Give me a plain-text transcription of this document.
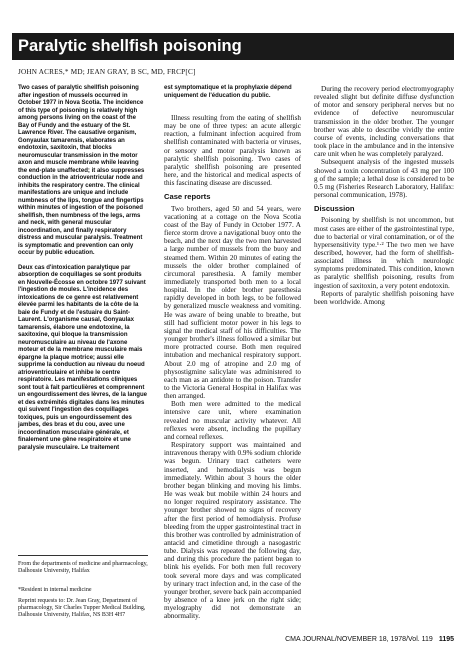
Paralytic shellfish poisoning
JOHN ACRES,* MD; JEAN GRAY, B SC, MD, FRCP[C]

Two cases of paralytic shellfish poisoning after ingestion of mussels occurred in October 1977 in Nova Scotia. The incidence of this type of poisoning is relatively high among persons living on the coast of the Bay of Fundy and the estuary of the St. Lawrence River. The causative organism, Gonyaulax tamarensis, elaborates an endotoxin, saxitoxin, that blocks neuromuscular transmission in the motor axon and muscle membrane while leaving the end-plate unaffected; it also suppresses conduction in the atrioventricular node and inhibits the respiratory centre. The clinical manifestations are unique and include numbness of the lips, tongue and fingertips within minutes of ingestion of the poisoned shellfish, then numbness of the legs, arms and neck, with general muscular incoordination, and finally respiratory distress and muscular paralysis. Treatment is symptomatic and prevention can only occur by public education.

Deux cas d'intoxication paralytique par absorption de coquillages se sont produits en Nouvelle-Écosse en octobre 1977 suivant l'ingestion de moules. L'incidence des intoxications de ce genre est relativement élevée parmi les habitants de la côte de la baie de Fundy et de l'estuaire du Saint-Laurent. L'organisme causal, Gonyaulax tamarensis, élabore une endotoxine, la saxitoxine, qui bloque la transmission neuromusculaire au niveau de l'axone moteur et de la membrane musculaire mais épargne la plaque motrice; aussi elle supprime la conduction au niveau du noeud atrioventriculaire et inhibe le centre respiratoire. Les manifestations cliniques sont tout à fait particulières et comprennent un engourdissement des lèvres, de la langue et des extrémités digitales dans les minutes qui suivent l'ingestion des coquillages toxiques, puis un engourdissement des jambes, des bras et du cou, avec une incoordination musculaire générale, et finalement une gêne respiratoire et une paralysie musculaire. Le traitement

From the departments of medicine and pharmacology, Dalhousie University, Halifax
*Resident in internal medicine
Reprint requests to: Dr. Jean Gray, Department of pharmacology, Sir Charles Tupper Medical Building, Dalhousie University, Halifax, NS B3H 4H7

est symptomatique et la prophylaxie dépend uniquement de l'éducation du public.

Illness resulting from the eating of shellfish may be one of three types: an acute allergic reaction, a fulminant infection acquired from shellfish contaminated with bacteria or viruses, or sensory and motor paralysis known as paralytic shellfish poisoning. Two cases of paralytic shellfish poisoning are presented here, and the historical and medical aspects of this fascinating disease are discussed.

Case reports

Two brothers, aged 50 and 54 years, were vacationing at a cottage on the Nova Scotia coast of the Bay of Fundy in October 1977. A fierce storm drove a navigational buoy onto the beach, and the next day the two men harvested a large number of mussels from the buoy and steamed them. Within 20 minutes of eating the mussels the older brother complained of circumoral paresthesia. A family member immediately transported both men to a local hospital. In the older brother paresthesia rapidly developed in both legs, to be followed by generalized muscle weakness and vomiting. He was aware of being unable to breathe, but still had sufficient motor power in his legs to signal the medical staff of his difficulties. The younger brother's illness followed a similar but more protracted course. Both men required intubation and mechanical respiratory support. About 2.0 mg of atropine and 2.0 mg of physostigmine salicylate was administered to each man as an antidote to the poison. Transfer to the Victoria General Hospital in Halifax was then arranged.

Both men were admitted to the medical intensive care unit, where examination revealed no muscular activity whatever. All reflexes were absent, including the pupillary and corneal reflexes.

Respiratory support was maintained and intravenous therapy with 0.9% sodium chloride was begun. Urinary tract catheters were inserted, and hemodialysis was begun immediately. Within about 3 hours the older brother began blinking and moving his limbs. He was weak but mobile within 24 hours and no longer required respiratory assistance. The younger brother showed no signs of recovery after the first period of hemodialysis. Profuse bleeding from the upper gastrointestinal tract in this brother was controlled by administration of antacid and cimetidine through a nasogastric tube. Dialysis was repeated the following day, and during this procedure the patient began to blink his eyelids. For both men full recovery took several more days and was complicated by urinary tract infection and, in the case of the younger brother, severe back pain accompanied by absence of a knee jerk on the right side; myelography did not demonstrate an abnormality.

During the recovery period electromyography revealed slight but definite diffuse dysfunction of motor and sensory peripheral nerves but no evidence of defective neuromuscular transmission in the older brother. The younger brother was able to describe vividly the entire course of events, including conversations that took place in the ambulance and in the intensive care unit when he was completely paralyzed.

Subsequent analysis of the ingested mussels showed a toxin concentration of 43 mg per 100 g of the sample; a lethal dose is considered to be 0.5 mg (Fisheries Research Laboratory, Halifax: personal communication, 1978).

Discussion

Poisoning by shellfish is not uncommon, but most cases are either of the gastrointestinal type, due to bacterial or viral contamination, or of the hypersensitivity type.¹·² The two men we have described, however, had the form of shellfish-associated illness in which neurologic symptoms predominated. This condition, known as paralytic shellfish poisoning, results from ingestion of saxitoxin, a very potent endotoxin.

Reports of paralytic shellfish poisoning have been worldwide. Among

CMA JOURNAL/NOVEMBER 18, 1978/Vol. 119 1195
